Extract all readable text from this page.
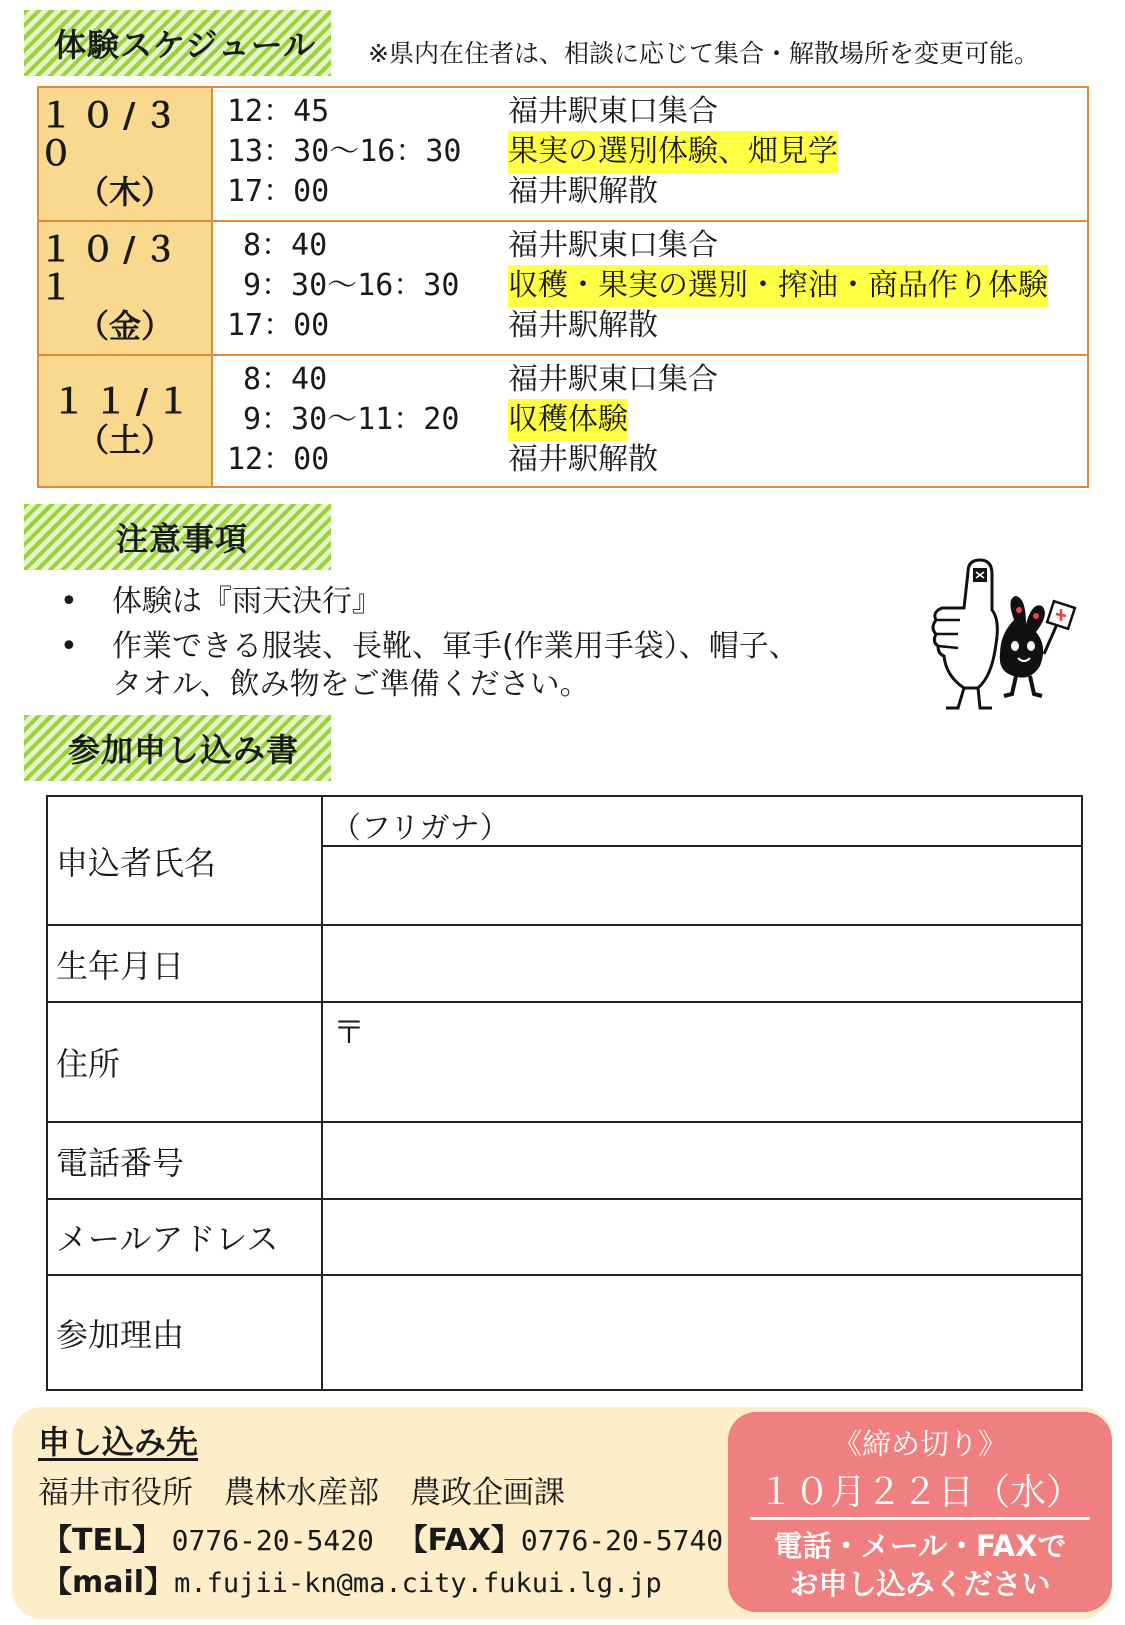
体験スケジュール ※県内在住者は、相談に応じて集合・解散場所を変更可能。
１０/３０
（木）
12：45	福井駅東口集合
13：30〜16：30 果実の選別体験、畑見学
17：00	福井駅解散
１０/３１
（金）
8：40	福井駅東口集合
9：30〜16：30 収穫・果実の選別・搾油・商品作り体験
17：00	福井駅解散
１１/１
（土）
8：40	福井駅東口集合
9：30〜11：20 収穫体験
12：00	福井駅解散
注意事項
• 体験は『雨天決行』
• 作業できる服装、長靴、軍手(作業用手袋）、帽子、
タオル、飲み物をご準備ください。
参加申し込み書
申込者氏名
（フリガナ）
生年月日
住所
〒
電話番号
メールアドレス
参加理由
申し込み先
福井市役所　農林水産部　農政企画課
【TEL】 0776-20-5420 【FAX】0776-20-5740
【mail】m.fujii-kn@ma.city.fukui.lg.jp
《締め切り》
１０月２２日（水）
電話・メール・FAXで
お申し込みください
